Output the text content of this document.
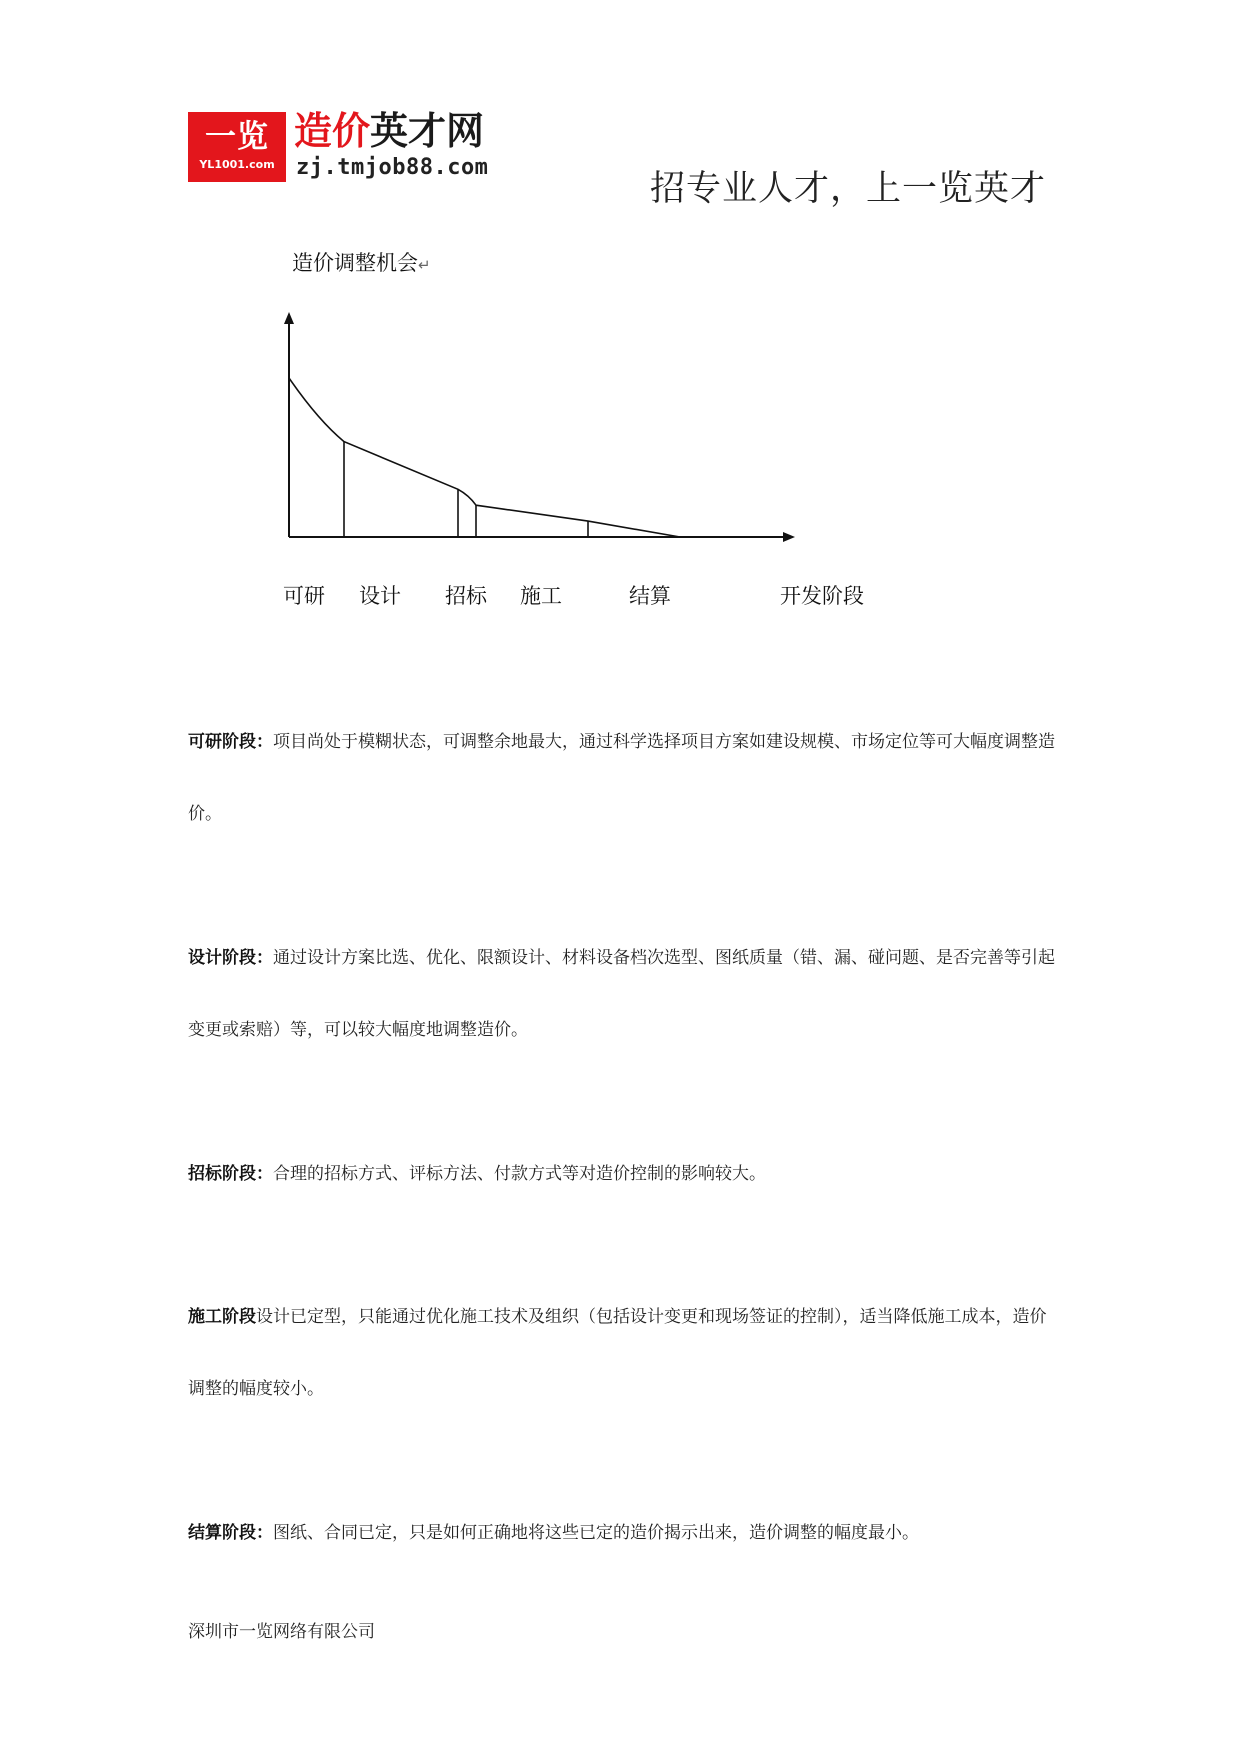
一览
YL1001.com
造价英才网
zj.tmjob88.com
招专业人才，上一览英才
造价调整机会↵
可研 设计 招标 施工	结算	开发阶段
可研阶段：项目尚处于模糊状态，可调整余地最大，通过科学选择项目方案如建设规模、市场定位等可大幅度调整造价。
设计阶段：通过设计方案比选、优化、限额设计、材料设备档次选型、图纸质量（错、漏、碰问题、是否完善等引起变更或索赔）等，可以较大幅度地调整造价。
招标阶段：合理的招标方式、评标方法、付款方式等对造价控制的影响较大。
施工阶段设计已定型，只能通过优化施工技术及组织（包括设计变更和现场签证的控制），适当降低施工成本，造价调整的幅度较小。
结算阶段：图纸、合同已定，只是如何正确地将这些已定的造价揭示出来，造价调整的幅度最小。
深圳市一览网络有限公司
